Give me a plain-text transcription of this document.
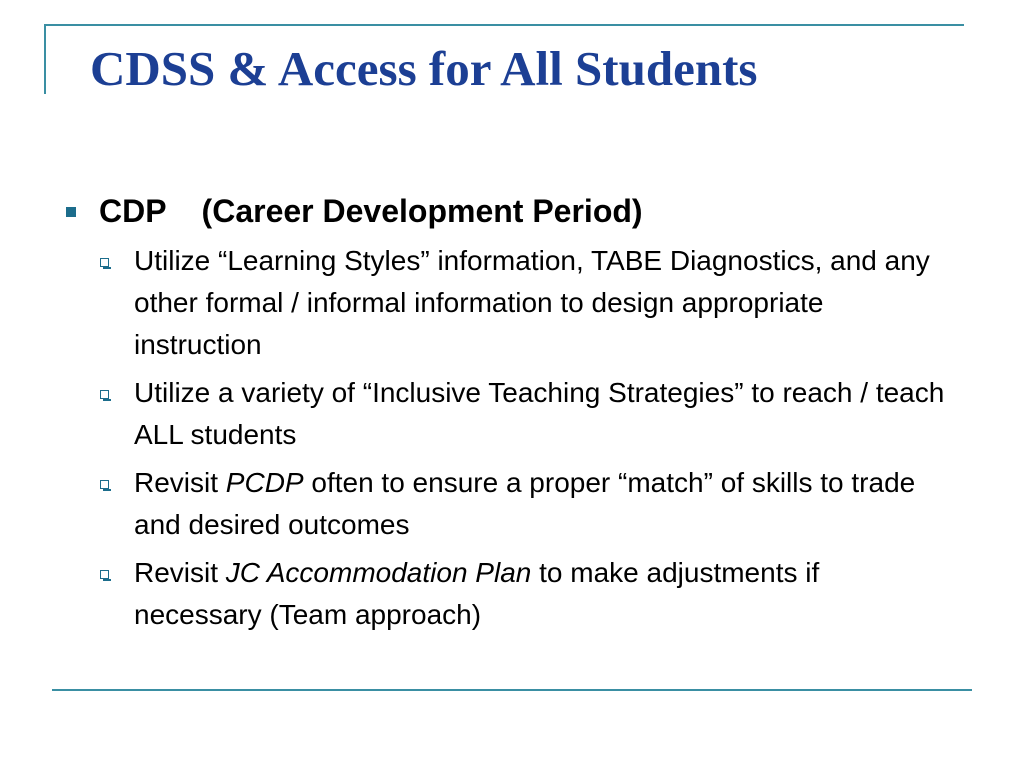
CDSS & Access for All Students
CDP    (Career Development Period)
Utilize “Learning Styles” information, TABE Diagnostics, and any other formal / informal information to design appropriate instruction
Utilize a variety of “Inclusive Teaching Strategies” to reach / teach ALL students
Revisit PCDP often to ensure a proper “match” of skills to trade and desired outcomes
Revisit JC Accommodation Plan to make adjustments if necessary (Team approach)
